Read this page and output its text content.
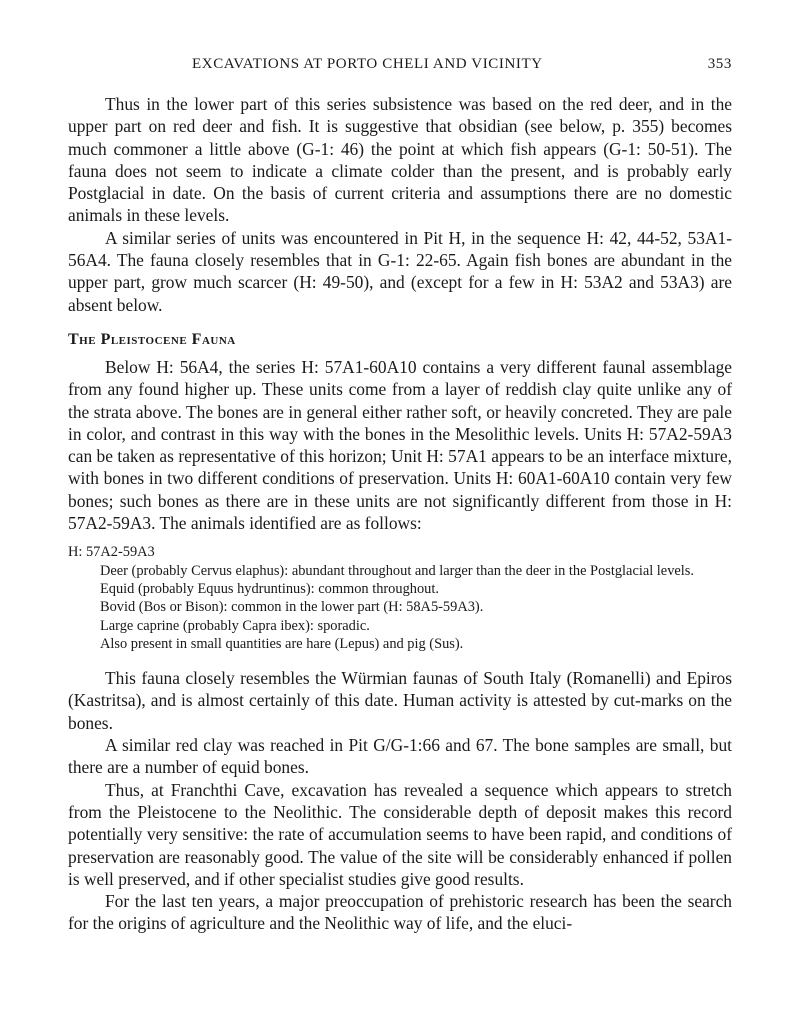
EXCAVATIONS AT PORTO CHELI AND VICINITY	353

Thus in the lower part of this series subsistence was based on the red deer, and in the upper part on red deer and fish. It is suggestive that obsidian (see below, p. 355) becomes much commoner a little above (G-1: 46) the point at which fish appears (G-1: 50-51). The fauna does not seem to indicate a climate colder than the present, and is probably early Postglacial in date. On the basis of current criteria and assumptions there are no domestic animals in these levels.

A similar series of units was encountered in Pit H, in the sequence H: 42, 44-52, 53A1-56A4. The fauna closely resembles that in G-1: 22-65. Again fish bones are abundant in the upper part, grow much scarcer (H: 49-50), and (except for a few in H: 53A2 and 53A3) are absent below.

The Pleistocene Fauna

Below H: 56A4, the series H: 57A1-60A10 contains a very different faunal assemblage from any found higher up. These units come from a layer of reddish clay quite unlike any of the strata above. The bones are in general either rather soft, or heavily concreted. They are pale in color, and contrast in this way with the bones in the Mesolithic levels. Units H: 57A2-59A3 can be taken as representative of this horizon; Unit H: 57A1 appears to be an interface mixture, with bones in two different conditions of preservation. Units H: 60A1-60A10 contain very few bones; such bones as there are in these units are not significantly different from those in H: 57A2-59A3. The animals identified are as follows:

H: 57A2-59A3

Deer (probably Cervus elaphus): abundant throughout and larger than the deer in the Postglacial levels.

Equid (probably Equus hydruntinus): common throughout.

Bovid (Bos or Bison): common in the lower part (H: 58A5-59A3).

Large caprine (probably Capra ibex): sporadic.

Also present in small quantities are hare (Lepus) and pig (Sus).

This fauna closely resembles the Würmian faunas of South Italy (Romanelli) and Epiros (Kastritsa), and is almost certainly of this date. Human activity is attested by cut-marks on the bones.

A similar red clay was reached in Pit G/G-1:66 and 67. The bone samples are small, but there are a number of equid bones.

Thus, at Franchthi Cave, excavation has revealed a sequence which appears to stretch from the Pleistocene to the Neolithic. The considerable depth of deposit makes this record potentially very sensitive: the rate of accumulation seems to have been rapid, and conditions of preservation are reasonably good. The value of the site will be considerably enhanced if pollen is well preserved, and if other specialist studies give good results.

For the last ten years, a major preoccupation of prehistoric research has been the search for the origins of agriculture and the Neolithic way of life, and the eluci-
